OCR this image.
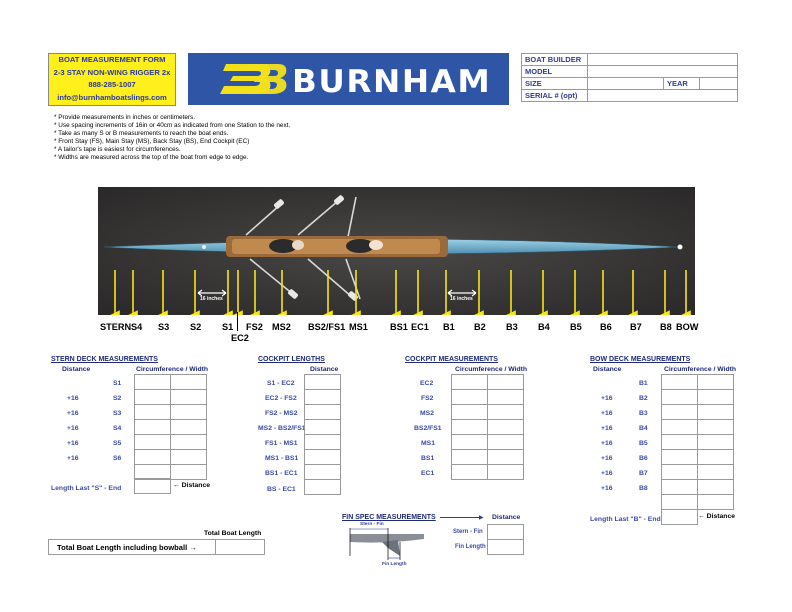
BOAT MEASUREMENT FORM
2-3 STAY NON-WING RIGGER 2x
888-285-1007
info@burnhamboatslings.com	BURNHAM
BOAT BUILDER			
MODEL			
SIZE		YEAR	
SERIAL # (opt)			
* Provide measurements in inches or centimeters.
* Use spacing increments of 16in or 40cm as indicated from one Station to the next.
* Take as many S or B measurements to reach the boat ends.
* Front Stay (FS), Main Stay (MS), Back Stay (BS), End Cockpit (EC)
* A tailor's tape is easiest for circumferences.
* Widths are measured across the top of the boat from edge to edge.
16 inches	16 inches
STERN S4 S3 S2 S1
EC2
FS2 MS2 BS2/FS1 MS1 BS1 EC1 B1 B2 B3 B4 B5 B6 B7 B8 BOW
STERN DECK MEASUREMENTS
Distance	Circumference / Width
S1
+16	S2
+16	S3
+16	S4
+16	S5
+16	S6
Length Last "S" - End	← Distance

COCKPIT LENGTHS
Distance
S1 - EC2
EC2 - FS2
FS2 - MS2
MS2 - BS2/FS1
FS1 - MS1
MS1 - BS1
BS1 - EC1
BS - EC1

COCKPIT MEASUREMENTS
Circumference / Width
EC2
FS2
MS2
BS2/FS1
MS1
BS1
EC1

BOW DECK MEASUREMENTS
Distance	Circumference / Width
B1
+16	B2
+16	B3
+16	B4
+16	B5
+16	B6
+16	B7
+16	B8
Length Last "B" - End	← Distance

Total Boat Length
Total Boat Length including bowball →	
FIN SPEC MEASUREMENTS	▶ Distance
Stern - Fin
Fin Length

Stern - Fin
Fin Length
